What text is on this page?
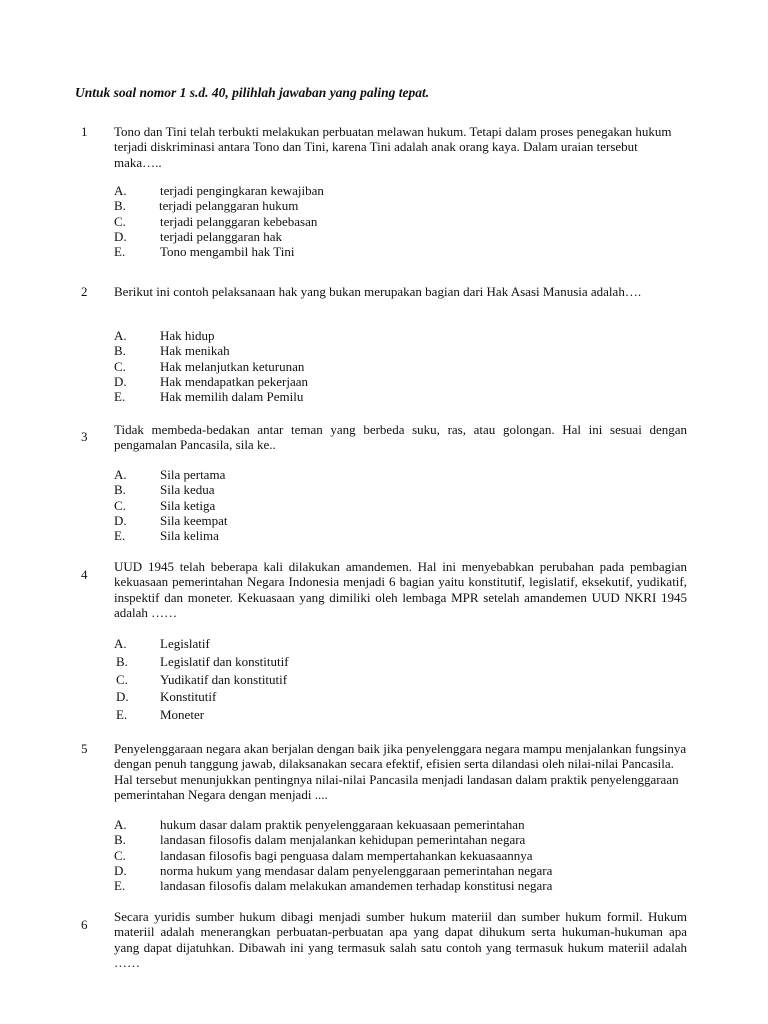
Untuk soal nomor 1 s.d. 40, pilihlah jawaban yang paling tepat.
1 Tono dan Tini telah terbukti melakukan perbuatan melawan hukum. Tetapi dalam proses penegakan hukum terjadi diskriminasi antara Tono dan Tini, karena Tini adalah anak orang kaya. Dalam uraian tersebut maka…..
A.	terjadi pengingkaran kewajiban
B.	terjadi pelanggaran hukum
C.	terjadi pelanggaran kebebasan
D.	terjadi pelanggaran hak
E.	Tono mengambil hak Tini
2 Berikut ini contoh pelaksanaan hak yang bukan merupakan bagian dari Hak Asasi Manusia adalah….
A.	Hak hidup
B.	Hak menikah
C.	Hak melanjutkan keturunan
D.	Hak mendapatkan pekerjaan
E.	Hak memilih dalam Pemilu
3 Tidak membeda-bedakan antar teman yang berbeda suku, ras, atau golongan. Hal ini sesuai dengan pengamalan Pancasila, sila ke..
A.	Sila pertama
B.	Sila kedua
C.	Sila ketiga
D.	Sila keempat
E.	Sila kelima
4
UUD 1945 telah beberapa kali dilakukan amandemen. Hal ini menyebabkan perubahan pada pembagian kekuasaan pemerintahan Negara Indonesia menjadi 6 bagian yaitu konstitutif, legislatif, eksekutif, yudikatif, inspektif dan moneter. Kekuasaan yang dimiliki oleh lembaga MPR setelah amandemen UUD NKRI 1945 adalah ……
A.	Legislatif
B. Legislatif dan konstitutif
C. Yudikatif dan konstitutif
D. Konstitutif
E.	Moneter
5 Penyelenggaraan negara akan berjalan dengan baik jika penyelenggara negara mampu menjalankan fungsinya dengan penuh tanggung jawab, dilaksanakan secara efektif, efisien serta dilandasi oleh nilai-nilai Pancasila. Hal tersebut menunjukkan pentingnya nilai-nilai Pancasila menjadi landasan dalam praktik penyelenggaraan pemerintahan Negara dengan menjadi ....
A.	hukum dasar dalam praktik penyelenggaraan kekuasaan pemerintahan
B.	landasan filosofis dalam menjalankan kehidupan pemerintahan negara
C.	landasan filosofis bagi penguasa dalam mempertahankan kekuasaannya
D.	norma hukum yang mendasar dalam penyelenggaraan pemerintahan negara
E.	landasan filosofis dalam melakukan amandemen terhadap konstitusi negara
6
Secara yuridis sumber hukum dibagi menjadi sumber hukum materiil dan sumber hukum formil. Hukum materiil adalah menerangkan perbuatan-perbuatan apa yang dapat dihukum serta hukuman-hukuman apa yang dapat dijatuhkan. Dibawah ini yang termasuk salah satu contoh yang termasuk hukum materiil adalah ……
